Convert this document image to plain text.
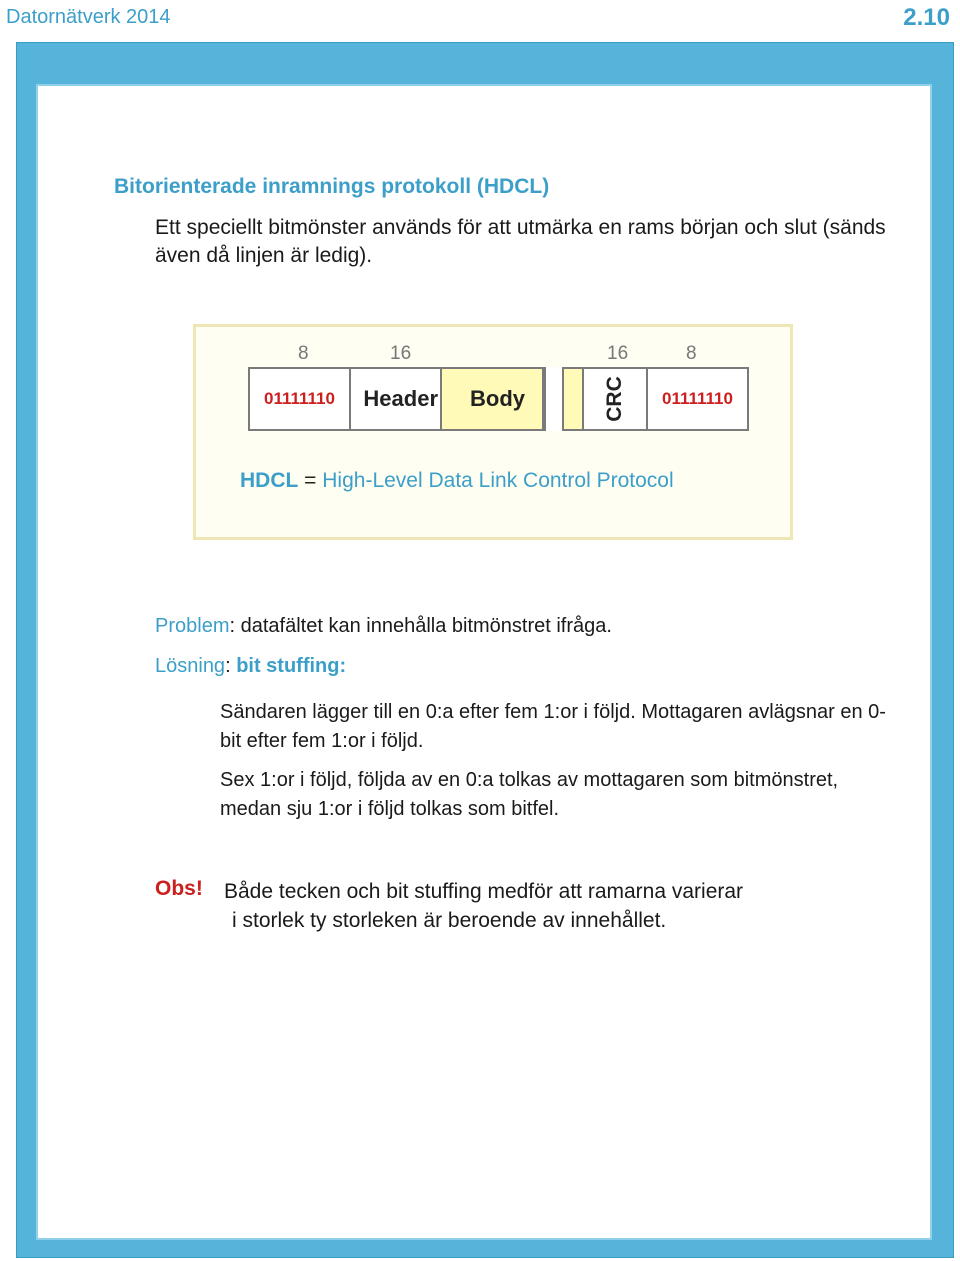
Datornätverk 2014	2.10
Bitorienterade inramnings protokoll (HDCL)
Ett speciellt bitmönster används för att utmärka en rams början och slut (sänds även då linjen är ledig).
8	16	16	8
01111110	Header	Body	CRC	01111110
HDCL = High-Level Data Link Control Protocol
Problem: datafältet kan innehålla bitmönstret ifråga.
Lösning: bit stuffing:
Sändaren lägger till en 0:a efter fem 1:or i följd. Mottagaren avlägsnar en 0-bit efter fem 1:or i följd.
Sex 1:or i följd, följda av en 0:a tolkas av mottagaren som bitmönstret, medan sju 1:or i följd tolkas som bitfel.
Obs! Både tecken och bit stuffing medför att ramarna varierar
i storlek ty storleken är beroende av innehållet.
